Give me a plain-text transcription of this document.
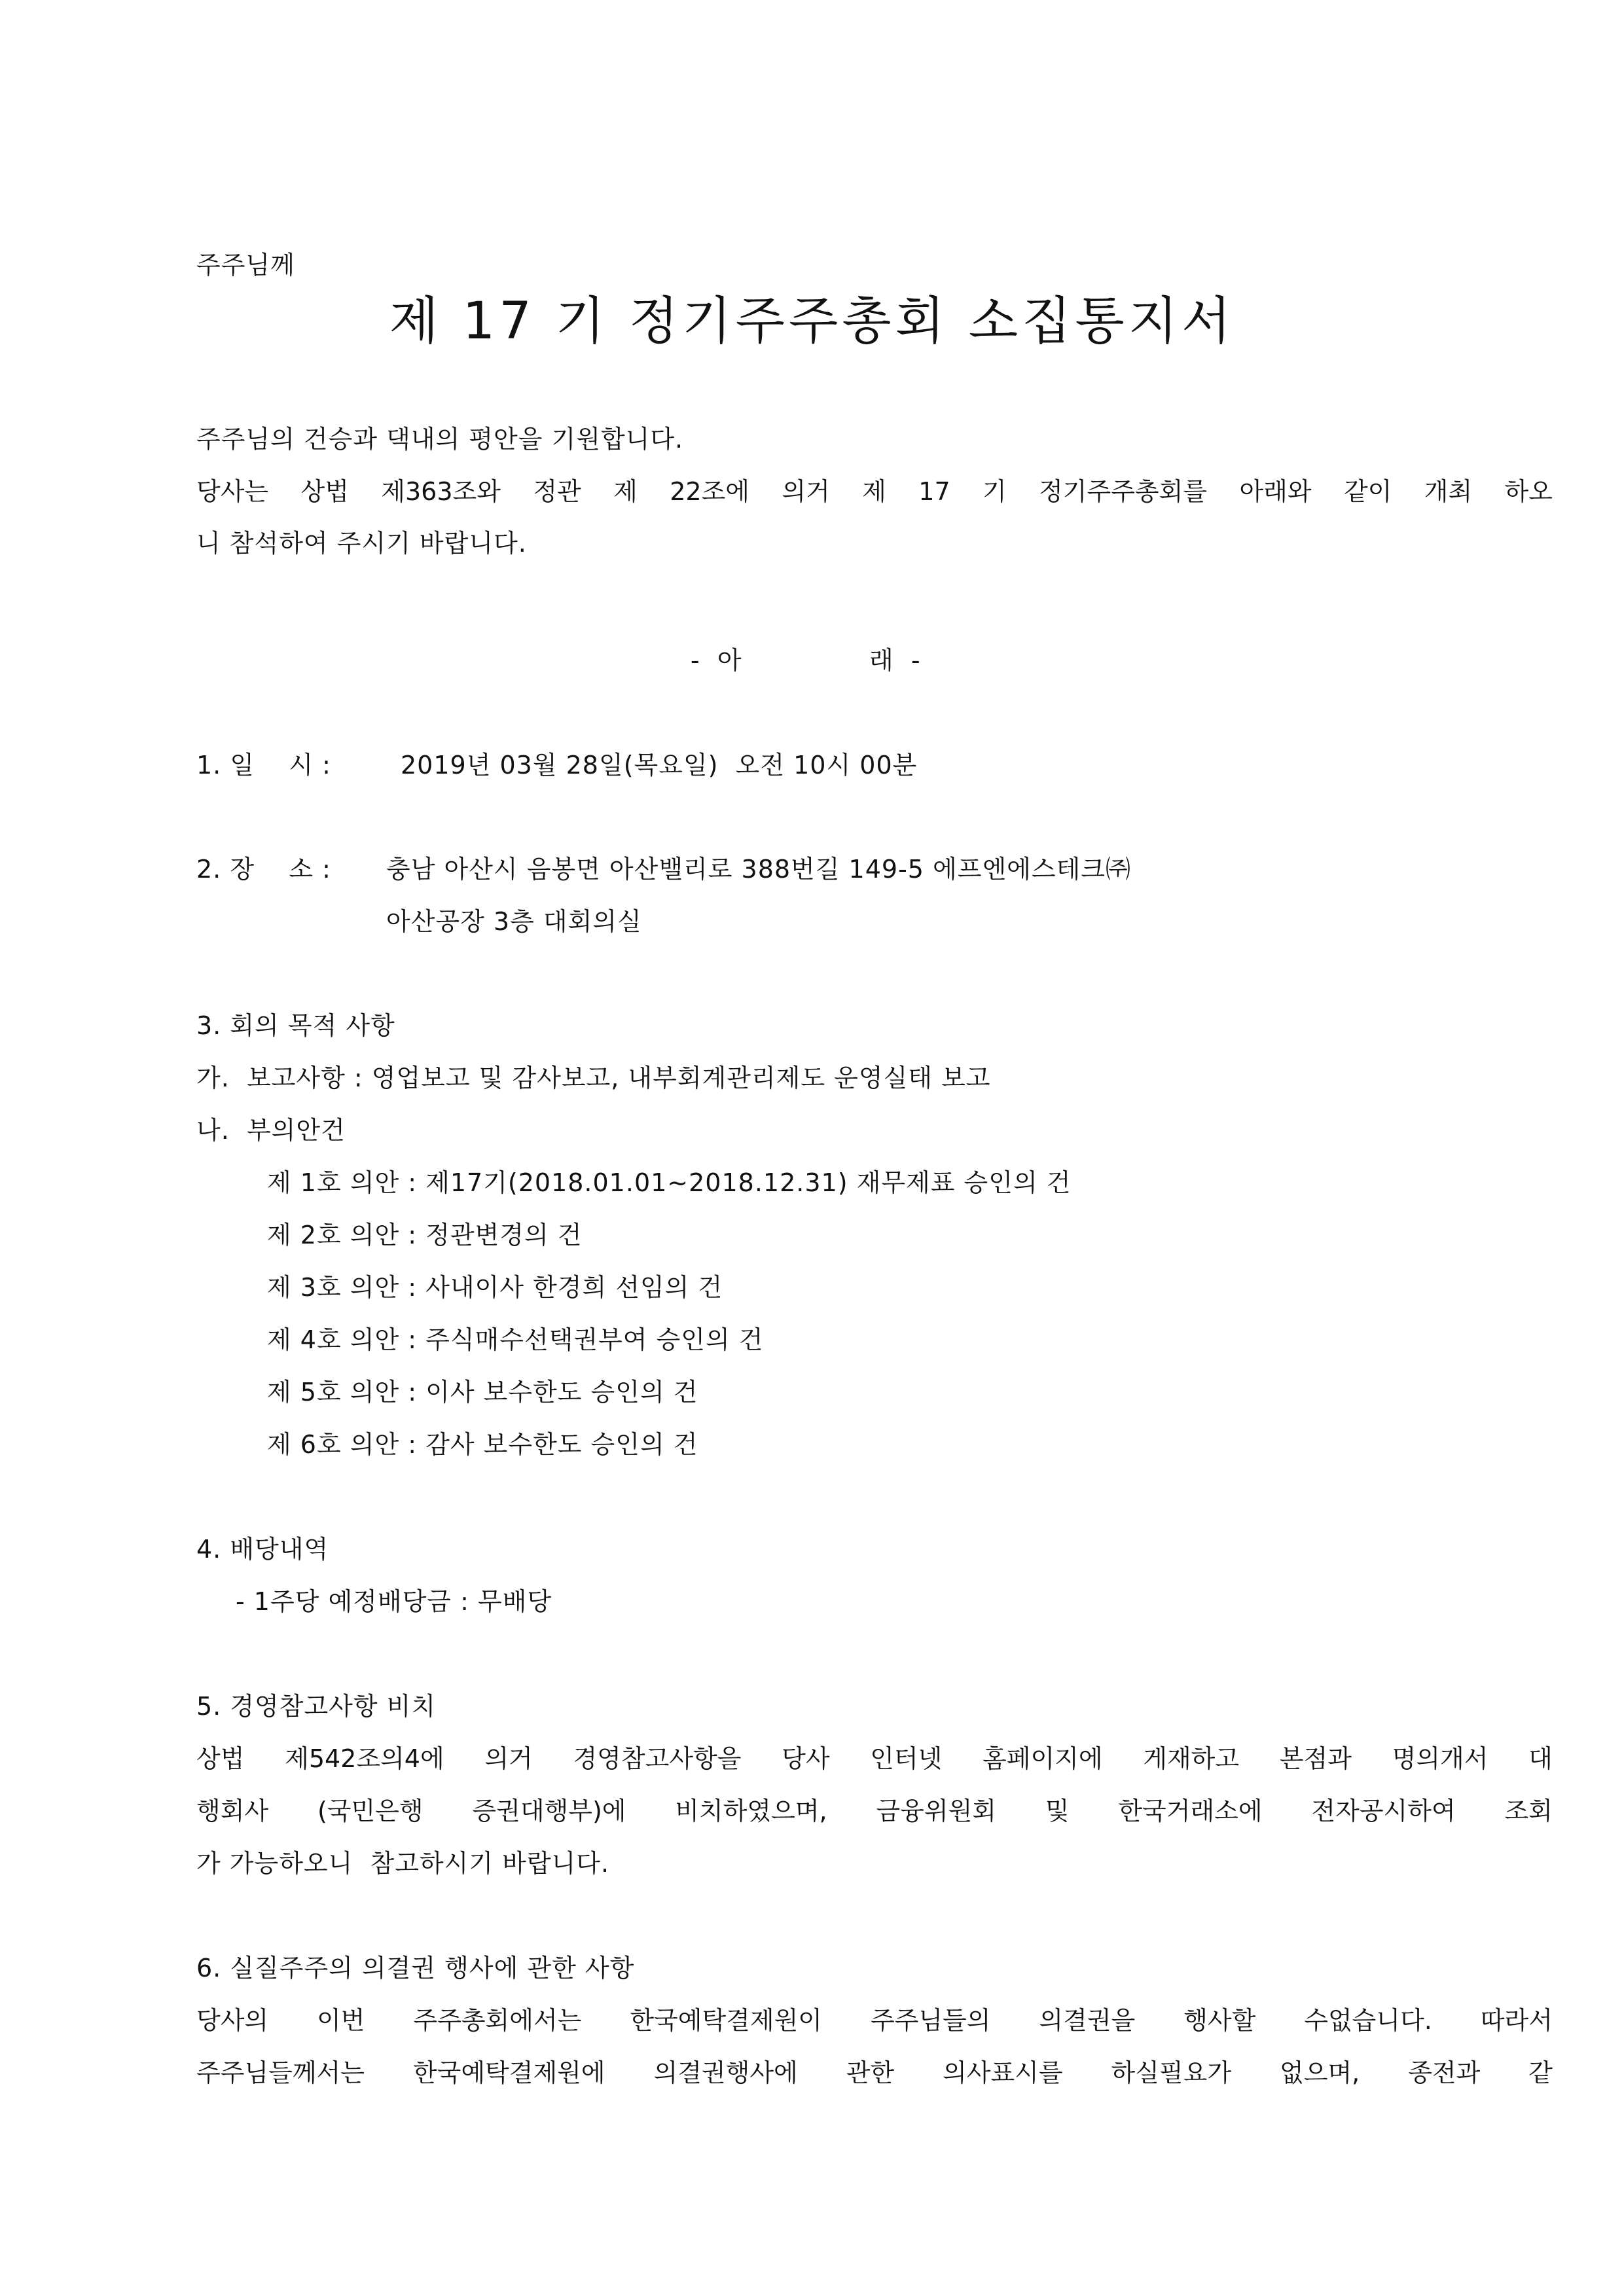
주주님께
제 17 기 정기주주총회 소집통지서
주주님의 건승과 댁내의 평안을 기원합니다.
당사는 상법 제363조와 정관 제 22조에 의거 제 17 기 정기주주총회를 아래와 같이 개최 하오
니 참석하여 주시기 바랍니다.
-  아	래  -
1. 일    시 :	2019년 03월 28일(목요일)  오전 10시 00분
2. 장    소 : 충남 아산시 음봉면 아산밸리로 388번길 149-5 에프엔에스테크㈜
아산공장 3층 대회의실
3. 회의 목적 사항
가.  보고사항 : 영업보고 및 감사보고, 내부회계관리제도 운영실태 보고
나.  부의안건
제 1호 의안 : 제17기(2018.01.01~2018.12.31) 재무제표 승인의 건
제 2호 의안 : 정관변경의 건
제 3호 의안 : 사내이사 한경희 선임의 건
제 4호 의안 : 주식매수선택권부여 승인의 건
제 5호 의안 : 이사 보수한도 승인의 건
제 6호 의안 : 감사 보수한도 승인의 건
4. 배당내역
- 1주당 예정배당금 : 무배당
5. 경영참고사항 비치
상법 제542조의4에 의거 경영참고사항을 당사 인터넷 홈페이지에 게재하고 본점과 명의개서 대
행회사 (국민은행 증권대행부)에 비치하였으며, 금융위원회 및 한국거래소에 전자공시하여 조회
가 가능하오니  참고하시기 바랍니다.
6. 실질주주의 의결권 행사에 관한 사항
당사의 이번 주주총회에서는 한국예탁결제원이 주주님들의 의결권을 행사할 수없습니다. 따라서
주주님들께서는 한국예탁결제원에 의결권행사에 관한 의사표시를 하실필요가 없으며, 종전과 같
